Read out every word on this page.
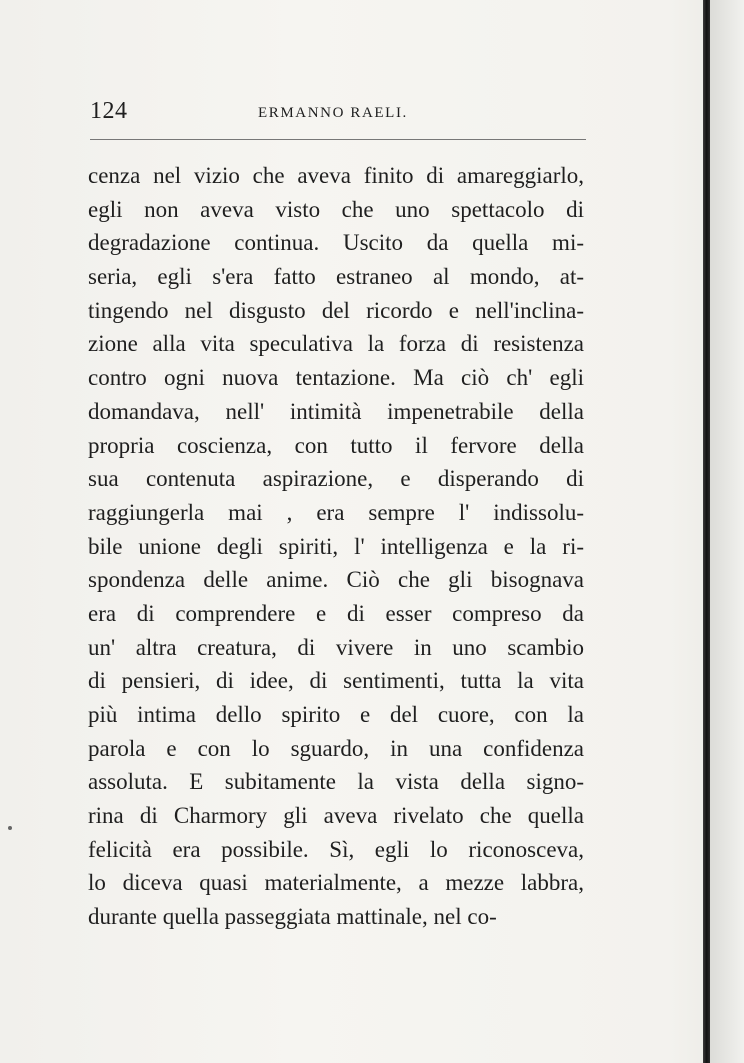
124	ERMANNO RAELI.
cenza nel vizio che aveva finito di amareggiarlo,
egli non aveva visto che uno spettacolo di
degradazione continua. Uscito da quella mi-
seria, egli s'era fatto estraneo al mondo, at-
tingendo nel disgusto del ricordo e nell'inclina-
zione alla vita speculativa la forza di resistenza
contro ogni nuova tentazione. Ma ciò ch' egli
domandava, nell' intimità impenetrabile della
propria coscienza, con tutto il fervore della
sua contenuta aspirazione, e disperando di
raggiungerla mai , era sempre l' indissolu-
bile unione degli spiriti, l' intelligenza e la ri-
spondenza delle anime. Ciò che gli bisognava
era di comprendere e di esser compreso da
un' altra creatura, di vivere in uno scambio
di pensieri, di idee, di sentimenti, tutta la vita
più intima dello spirito e del cuore, con la
parola e con lo sguardo, in una confidenza
assoluta. E subitamente la vista della signo-
rina di Charmory gli aveva rivelato che quella
felicità era possibile. Sì, egli lo riconosceva,
lo diceva quasi materialmente, a mezze labbra,
durante quella passeggiata mattinale, nel co-
